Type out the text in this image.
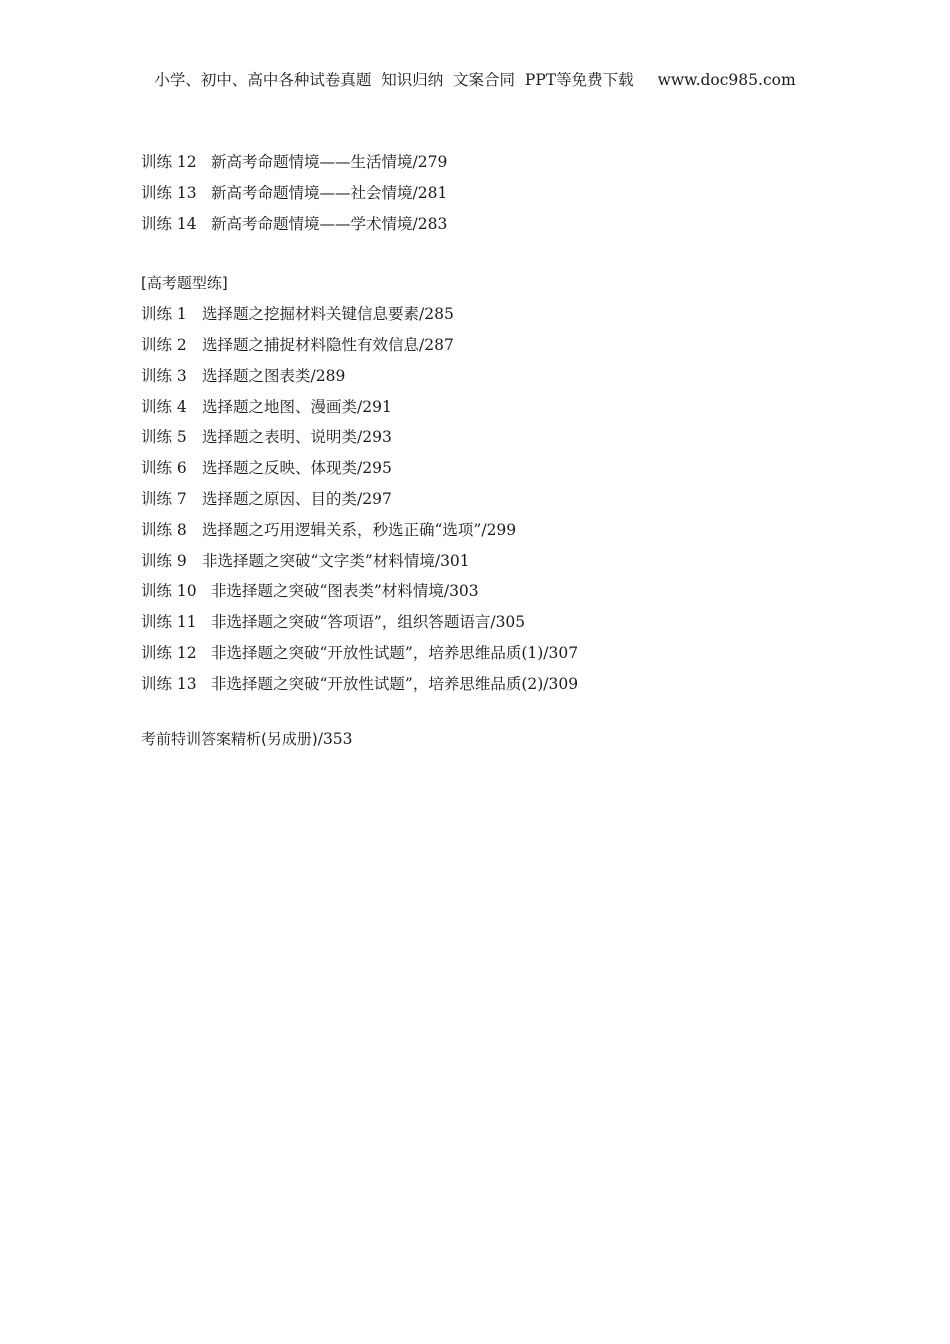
小学、初中、高中各种试卷真题  知识归纳  文案合同  PPT等免费下载 www.doc985.com
训练 12 新高考命题情境——生活情境/279
训练 13 新高考命题情境——社会情境/281
训练 14 新高考命题情境——学术情境/283
[高考题型练]
训练 1 选择题之挖掘材料关键信息要素/285
训练 2 选择题之捕捉材料隐性有效信息/287
训练 3 选择题之图表类/289
训练 4 选择题之地图、漫画类/291
训练 5 选择题之表明、说明类/293
训练 6 选择题之反映、体现类/295
训练 7 选择题之原因、目的类/297
训练 8 选择题之巧用逻辑关系，秒选正确“选项”/299
训练 9 非选择题之突破“文字类”材料情境/301
训练 10 非选择题之突破“图表类”材料情境/303
训练 11 非选择题之突破“答项语”，组织答题语言/305
训练 12 非选择题之突破“开放性试题”，培养思维品质(1)/307
训练 13 非选择题之突破“开放性试题”，培养思维品质(2)/309
考前特训答案精析(另成册)/353
